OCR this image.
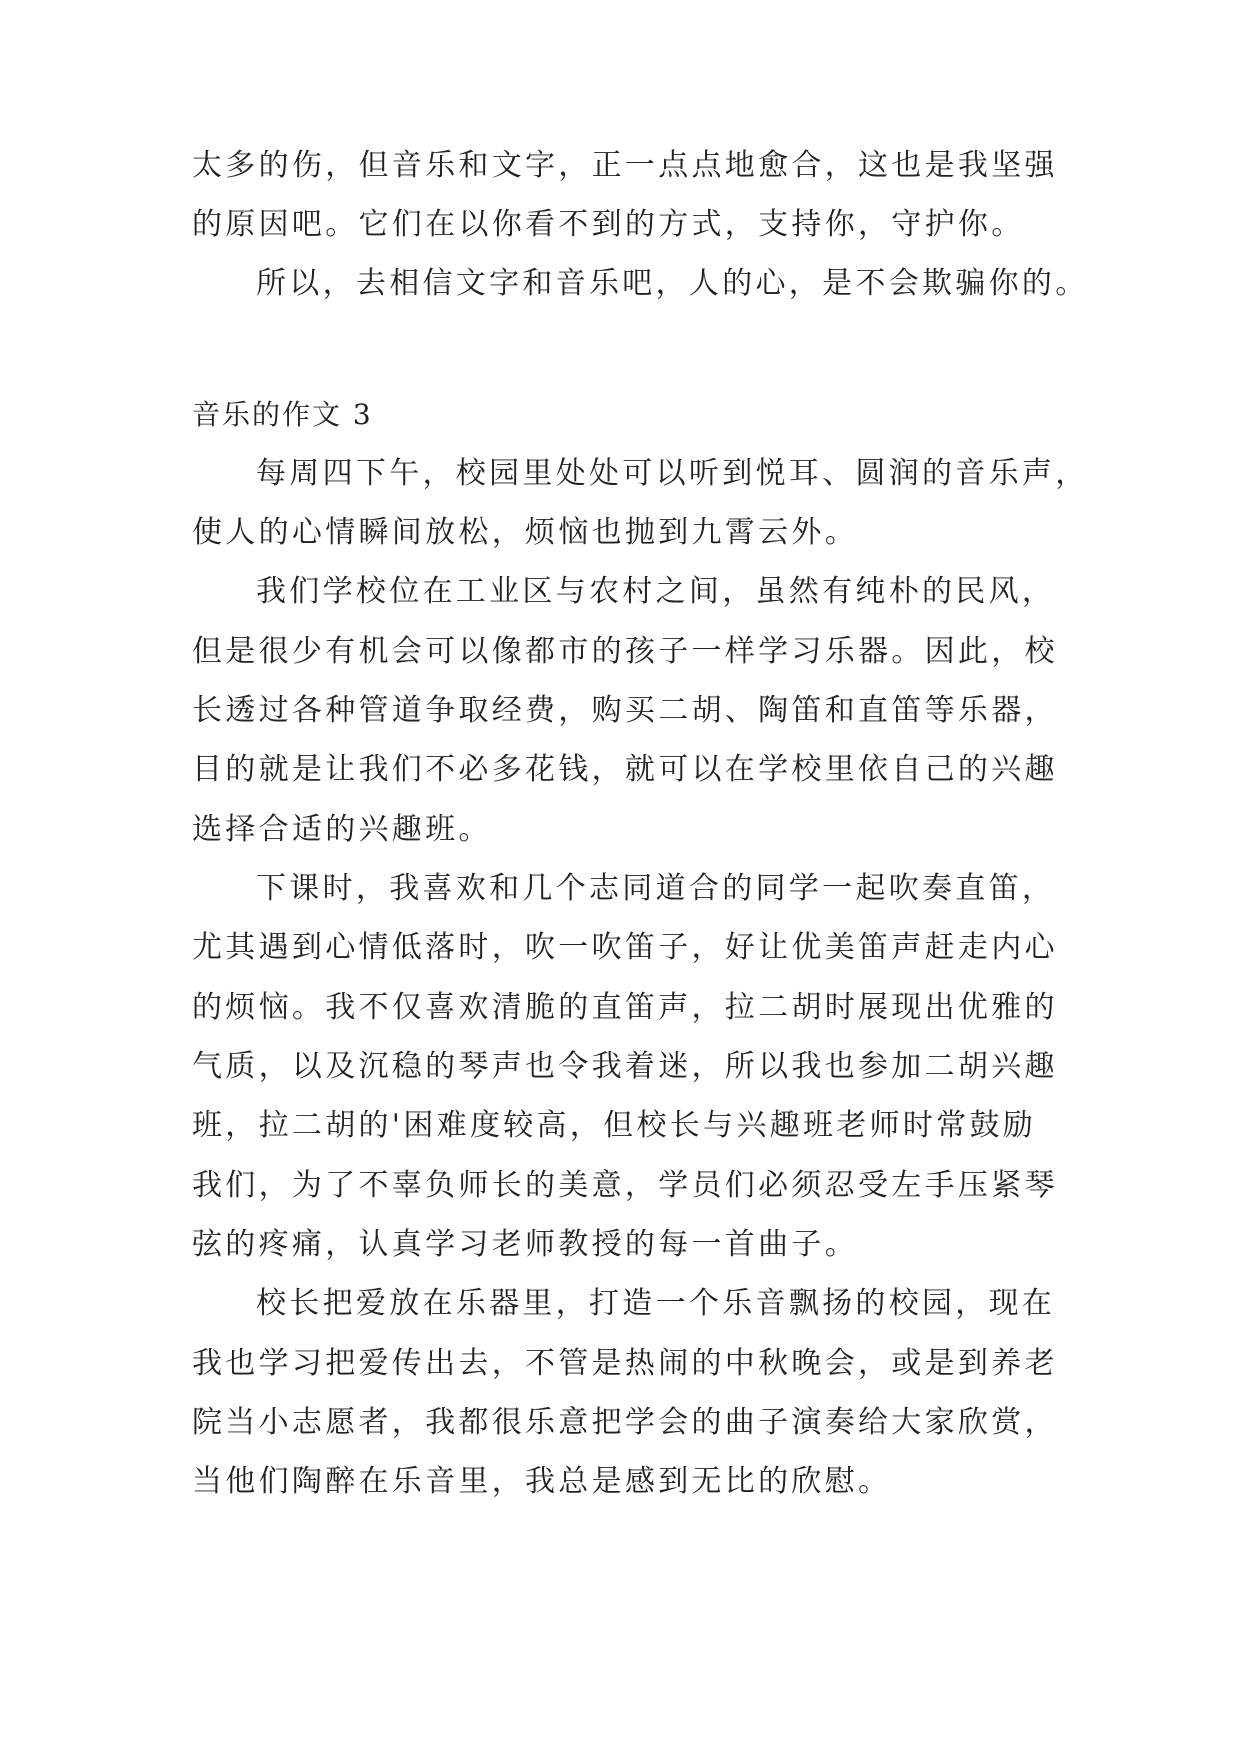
太多的伤，但音乐和文字，正一点点地愈合，这也是我坚强
的原因吧。它们在以你看不到的方式，支持你，守护你。
所以，去相信文字和音乐吧，人的心，是不会欺骗你的。
音乐的作文 3
每周四下午，校园里处处可以听到悦耳、圆润的音乐声，
使人的心情瞬间放松，烦恼也抛到九霄云外。
我们学校位在工业区与农村之间，虽然有纯朴的民风，
但是很少有机会可以像都市的孩子一样学习乐器。因此，校
长透过各种管道争取经费，购买二胡、陶笛和直笛等乐器，
目的就是让我们不必多花钱，就可以在学校里依自己的兴趣
选择合适的兴趣班。
下课时，我喜欢和几个志同道合的同学一起吹奏直笛，
尤其遇到心情低落时，吹一吹笛子，好让优美笛声赶走内心
的烦恼。我不仅喜欢清脆的直笛声，拉二胡时展现出优雅的
气质，以及沉稳的琴声也令我着迷，所以我也参加二胡兴趣
班，拉二胡的'困难度较高，但校长与兴趣班老师时常鼓励
我们，为了不辜负师长的美意，学员们必须忍受左手压紧琴
弦的疼痛，认真学习老师教授的每一首曲子。
校长把爱放在乐器里，打造一个乐音飘扬的校园，现在
我也学习把爱传出去，不管是热闹的中秋晚会，或是到养老
院当小志愿者，我都很乐意把学会的曲子演奏给大家欣赏，
当他们陶醉在乐音里，我总是感到无比的欣慰。
